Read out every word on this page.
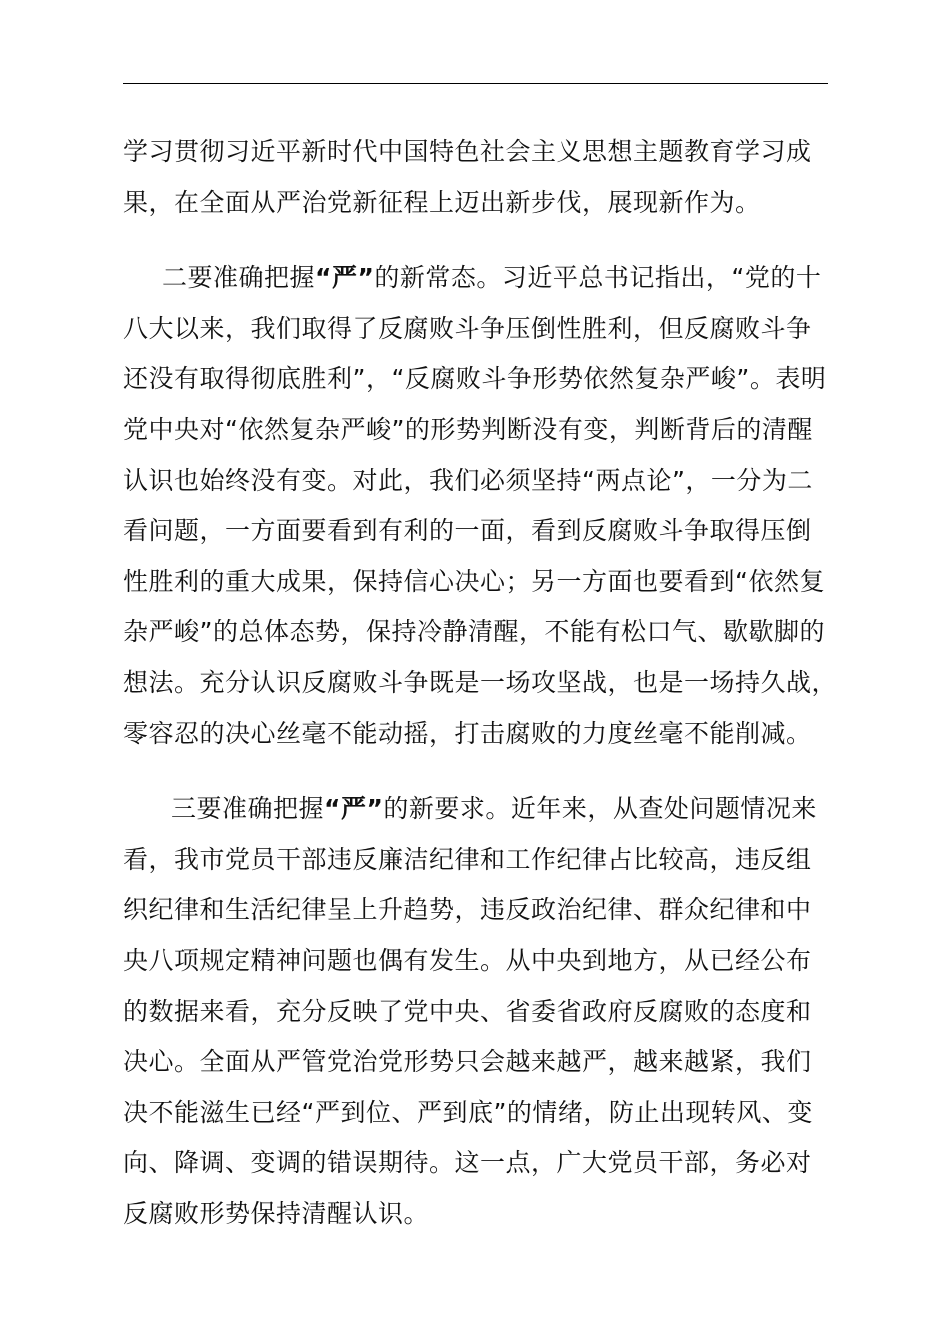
学习贯彻习近平新时代中国特色社会主义思想主题教育学习成
果，在全面从严治党新征程上迈出新步伐，展现新作为。
二要准确把握“严”的新常态。习近平总书记指出，“党的十
八大以来，我们取得了反腐败斗争压倒性胜利，但反腐败斗争
还没有取得彻底胜利”，“反腐败斗争形势依然复杂严峻”。表明
党中央对“依然复杂严峻”的形势判断没有变，判断背后的清醒
认识也始终没有变。对此，我们必须坚持“两点论”，一分为二
看问题，一方面要看到有利的一面，看到反腐败斗争取得压倒
性胜利的重大成果，保持信心决心；另一方面也要看到“依然复
杂严峻”的总体态势，保持冷静清醒，不能有松口气、歇歇脚的
想法。充分认识反腐败斗争既是一场攻坚战，也是一场持久战，
零容忍的决心丝毫不能动摇，打击腐败的力度丝毫不能削减。
三要准确把握“严”的新要求。近年来，从查处问题情况来
看，我市党员干部违反廉洁纪律和工作纪律占比较高，违反组
织纪律和生活纪律呈上升趋势，违反政治纪律、群众纪律和中
央八项规定精神问题也偶有发生。从中央到地方，从已经公布
的数据来看，充分反映了党中央、省委省政府反腐败的态度和
决心。全面从严管党治党形势只会越来越严，越来越紧，我们
决不能滋生已经“严到位、严到底”的情绪，防止出现转风、变
向、降调、变调的错误期待。这一点，广大党员干部，务必对
反腐败形势保持清醒认识。
